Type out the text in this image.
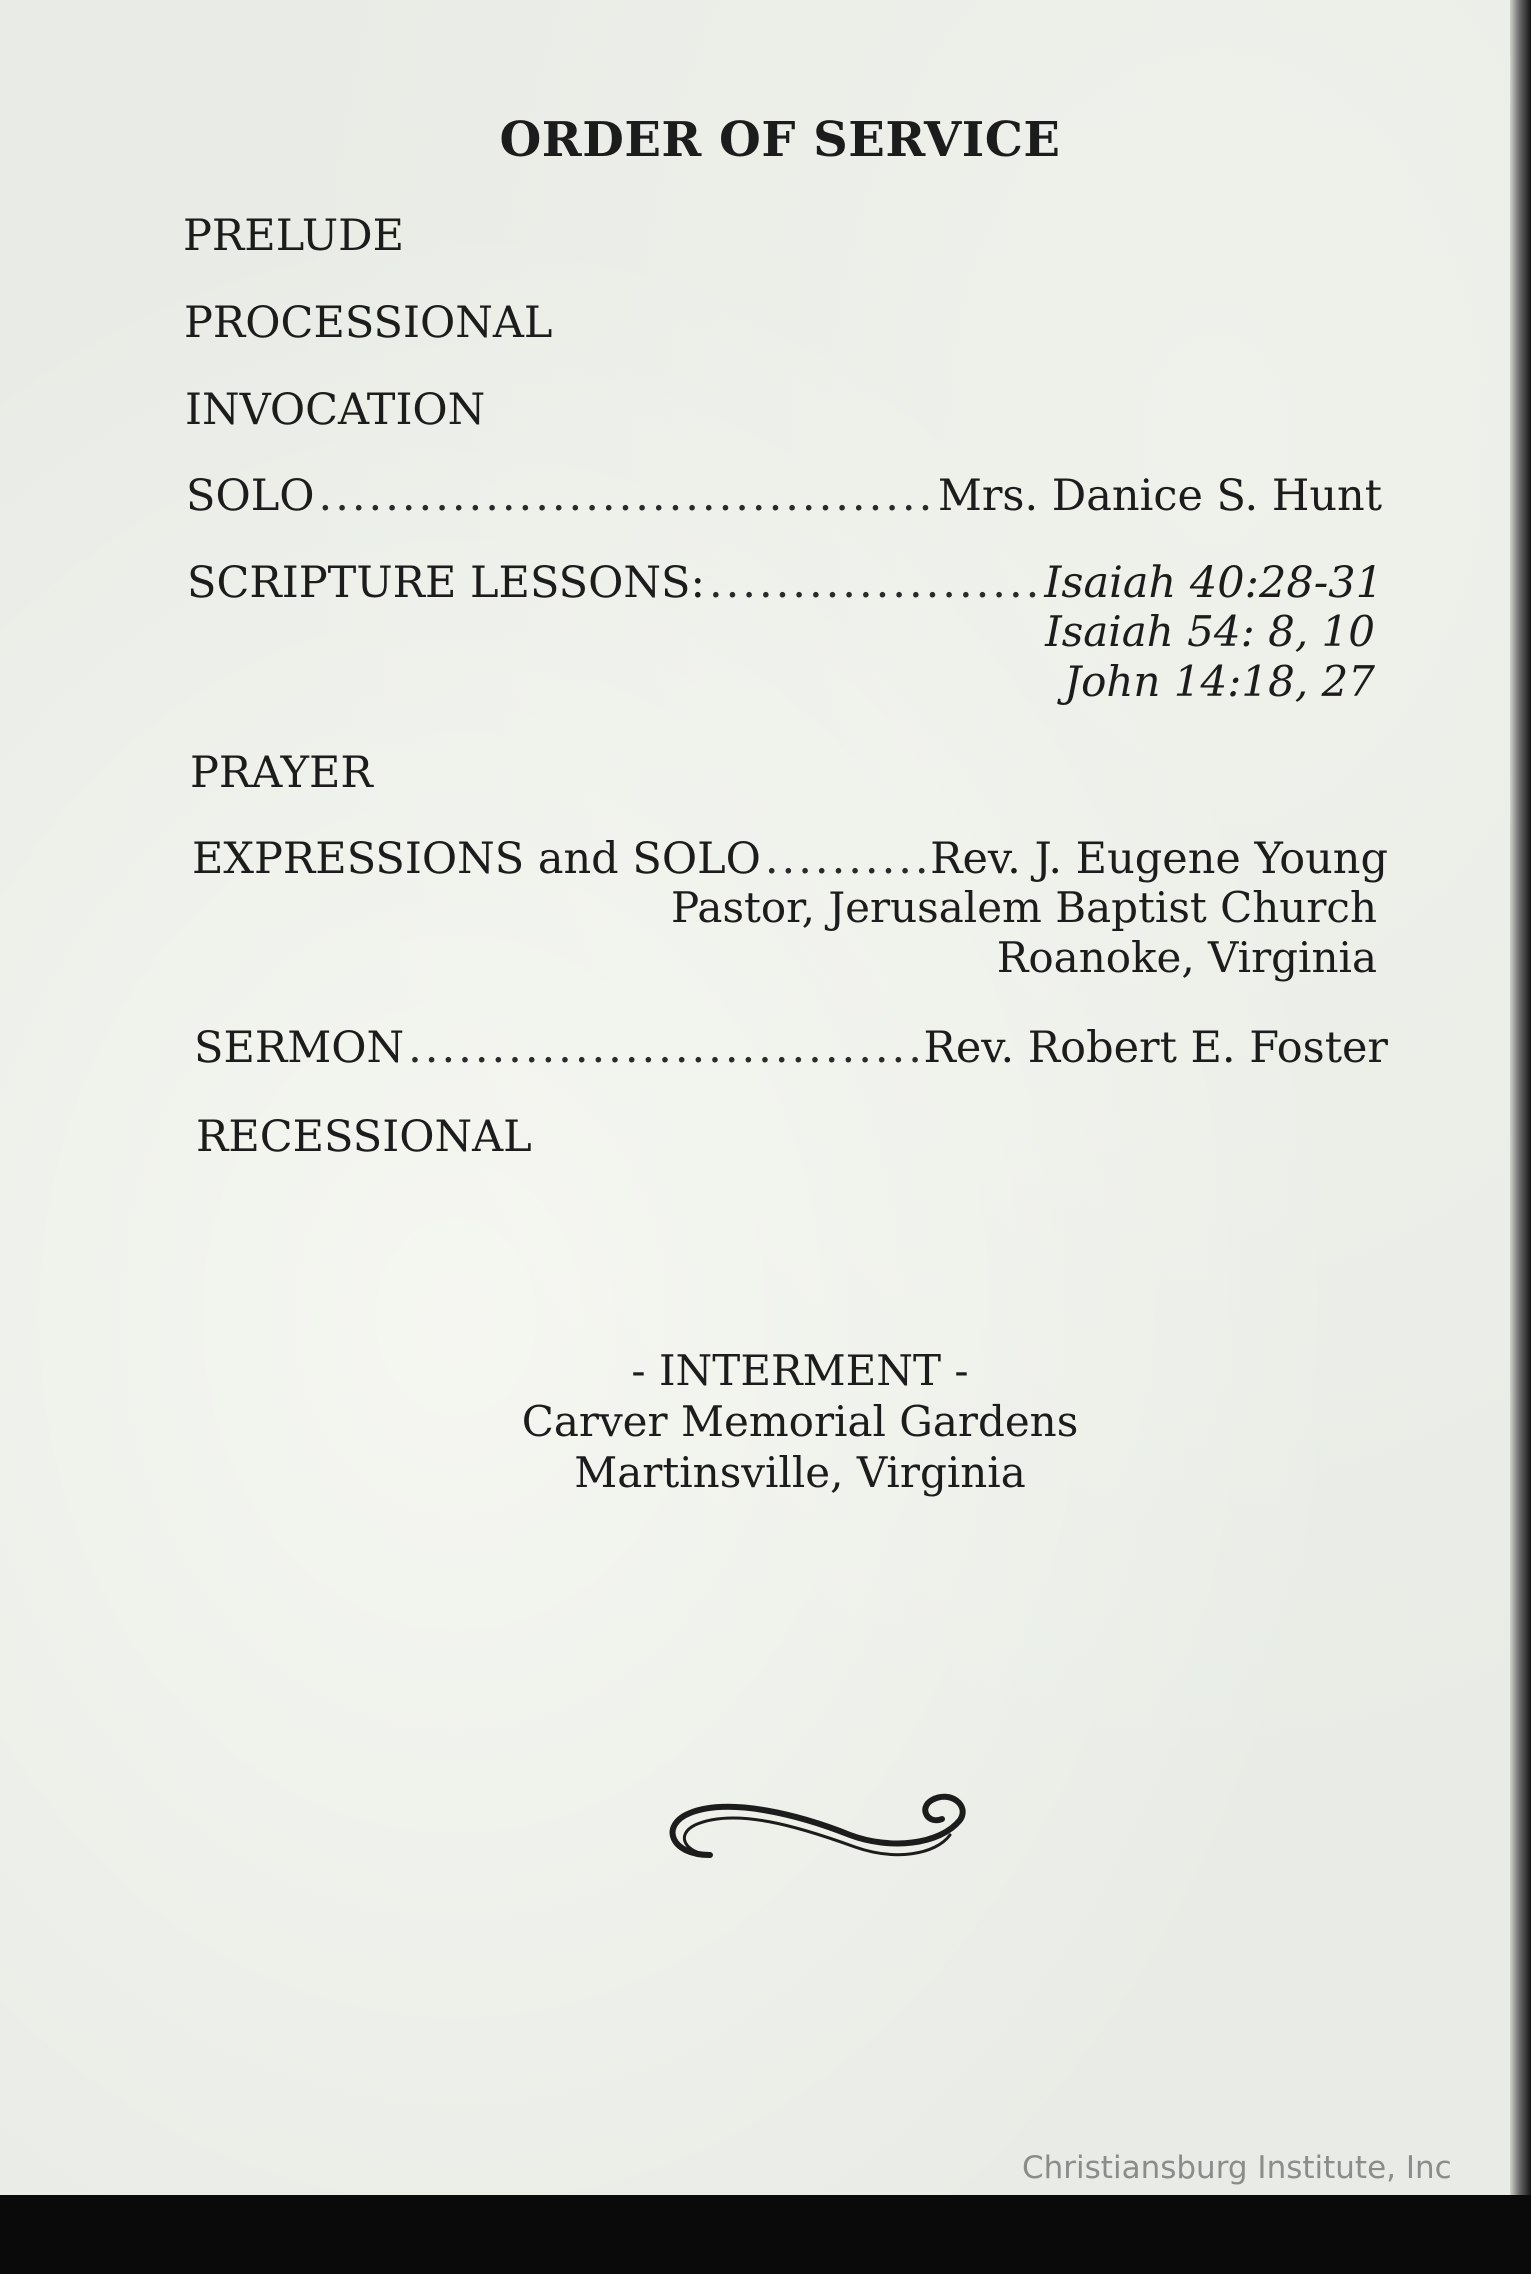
ORDER OF SERVICE
PRELUDE
PROCESSIONAL
INVOCATION
SOLO .....	Mrs. Danice S. Hunt
SCRIPTURE LESSONS: .....	Isaiah 40:28-31
Isaiah 54: 8, 10
John 14:18, 27
PRAYER
EXPRESSIONS and SOLO .....	Rev. J. Eugene Young
Pastor, Jerusalem Baptist Church
Roanoke, Virginia
SERMON .....	Rev. Robert E. Foster
RECESSIONAL
- INTERMENT -
Carver Memorial Gardens
Martinsville, Virginia
Christiansburg Institute, Inc
